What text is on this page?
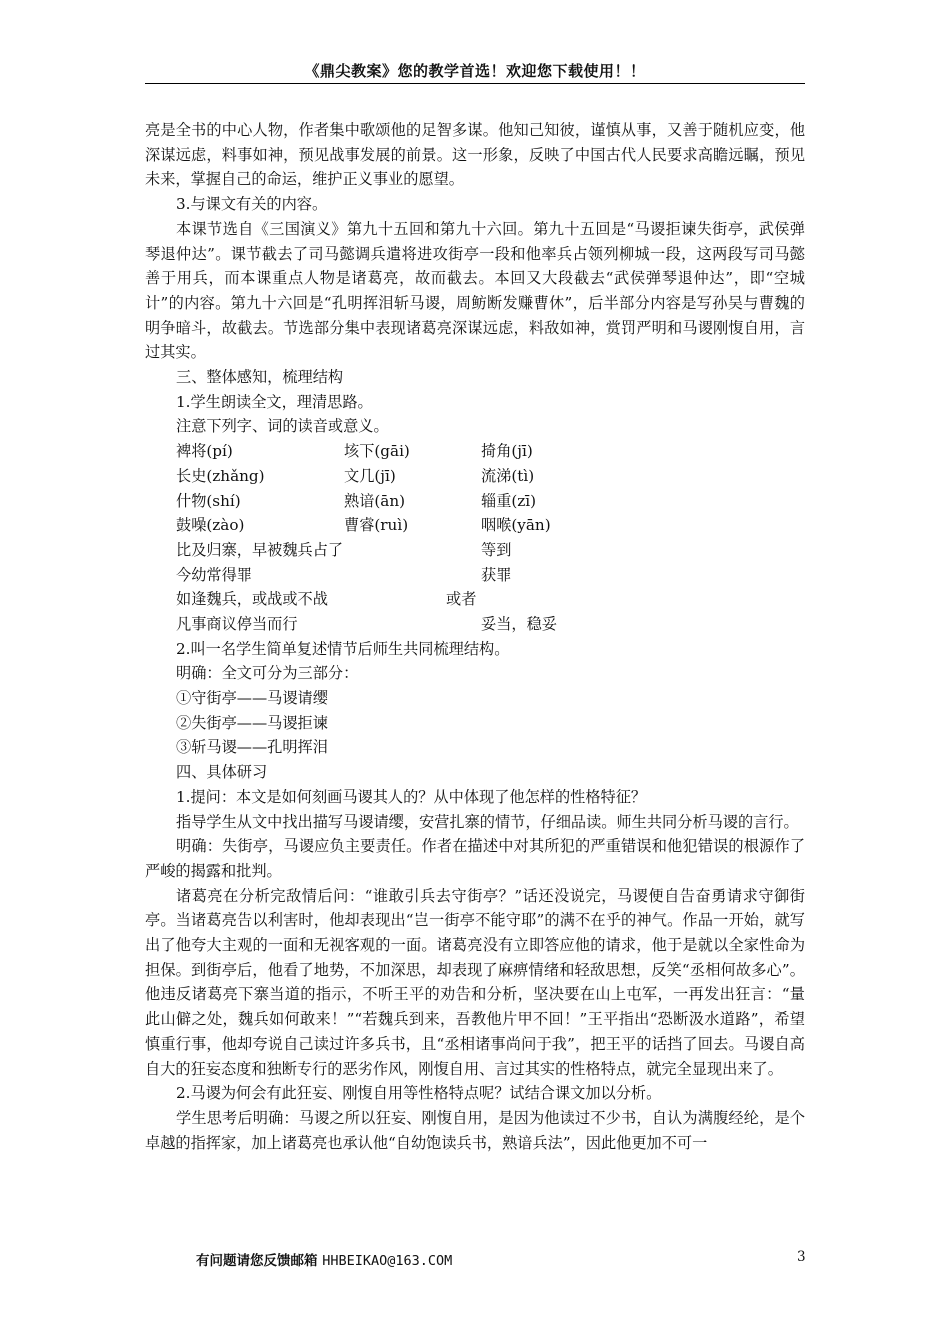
《鼎尖教案》您的教学首选！欢迎您下载使用！！

亮是全书的中心人物，作者集中歌颂他的足智多谋。他知己知彼，谨慎从事，又善于随机应变，他深谋远虑，料事如神，预见战事发展的前景。这一形象，反映了中国古代人民要求高瞻远瞩，预见未来，掌握自己的命运，维护正义事业的愿望。

3.与课文有关的内容。

本课节选自《三国演义》第九十五回和第九十六回。第九十五回是“马谡拒谏失街亭，武侯弹琴退仲达”。课节截去了司马懿调兵遣将进攻街亭一段和他率兵占领列柳城一段，这两段写司马懿善于用兵，而本课重点人物是诸葛亮，故而截去。本回又大段截去“武侯弹琴退仲达”，即“空城计”的内容。第九十六回是“孔明挥泪斩马谡，周鲂断发赚曹休”，后半部分内容是写孙吴与曹魏的明争暗斗，故截去。节选部分集中表现诸葛亮深谋远虑，料敌如神，赏罚严明和马谡刚愎自用，言过其实。

三、整体感知，梳理结构

1.学生朗读全文，理清思路。

注意下列字、词的读音或意义。

裨将(pí)	垓下(gāi)	掎角(jī)
长史(zhǎng)	文几(jī)	流涕(tì)
什物(shí)	熟谙(ān)	辎重(zī)
鼓噪(zào)	曹睿(ruì)	咽喉(yān)
比及归寨，早被魏兵占了	等到
今幼常得罪	获罪
如逢魏兵，或战或不战	或者
凡事商议停当而行	妥当，稳妥

2.叫一名学生简单复述情节后师生共同梳理结构。

明确：全文可分为三部分：

①守街亭——马谡请缨

②失街亭——马谡拒谏

③斩马谡——孔明挥泪

四、具体研习

1.提问：本文是如何刻画马谡其人的？从中体现了他怎样的性格特征？

指导学生从文中找出描写马谡请缨，安营扎寨的情节，仔细品读。师生共同分析马谡的言行。

明确：失街亭，马谡应负主要责任。作者在描述中对其所犯的严重错误和他犯错误的根源作了严峻的揭露和批判。

诸葛亮在分析完敌情后问：“谁敢引兵去守街亭？”话还没说完，马谡便自告奋勇请求守御街亭。当诸葛亮告以利害时，他却表现出“岂一街亭不能守耶”的满不在乎的神气。作品一开始，就写出了他夸大主观的一面和无视客观的一面。诸葛亮没有立即答应他的请求，他于是就以全家性命为担保。到街亭后，他看了地势，不加深思，却表现了麻痹情绪和轻敌思想，反笑“丞相何故多心”。他违反诸葛亮下寨当道的指示，不听王平的劝告和分析，坚决要在山上屯军，一再发出狂言：“量此山僻之处，魏兵如何敢来！”“若魏兵到来，吾教他片甲不回！”王平指出“恐断汲水道路”，希望慎重行事，他却夸说自己读过许多兵书，且“丞相诸事尚问于我”，把王平的话挡了回去。马谡自高自大的狂妄态度和独断专行的恶劣作风，刚愎自用、言过其实的性格特点，就完全显现出来了。

2.马谡为何会有此狂妄、刚愎自用等性格特点呢？试结合课文加以分析。

学生思考后明确：马谡之所以狂妄、刚愎自用，是因为他读过不少书，自认为满腹经纶，是个卓越的指挥家，加上诸葛亮也承认他“自幼饱读兵书，熟谙兵法”，因此他更加不可一

有问题请您反馈邮箱 HHBEIKAO@163.COM	3
